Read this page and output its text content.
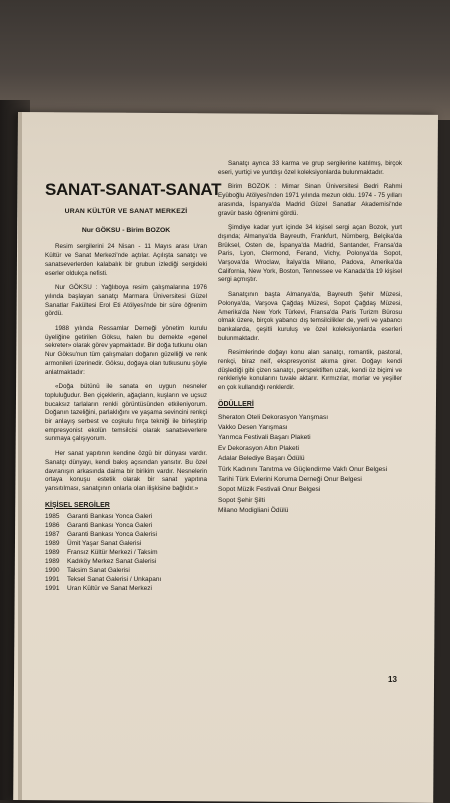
SANAT-SANAT-SANAT
URAN KÜLTÜR VE SANAT MERKEZİ
Nur GÖKSU - Birim BOZOK

Resim sergilerini 24 Nisan - 11 Mayıs arası Uran Kültür ve Sanat Merkezi'nde açtılar. Açılışta sanatçı ve sanatseverlerden kalabalık bir grubun izlediği sergideki eserler oldukça nefisti.

Nur GÖKSU : Yağlıboya resim çalışmalarına 1976 yılında başlayan sanatçı Marmara Üniversitesi Güzel Sanatlar Fakültesi Erol Eti Atölyesi'nde bir süre öğrenim gördü.

1988 yılında Ressamlar Derneği yönetim kurulu üyeliğine getirilen Göksu, halen bu dernekte «genel sekreter» olarak görev yapmaktadır. Bir doğa tutkunu olan Nur Göksu'nun tüm çalışmaları doğanın güzelliği ve renk armonileri üzerinedir. Göksu, doğaya olan tutkusunu şöyle anlatmaktadır:

«Doğa bütünü ile sanata en uygun nesneler topluluğudur. Ben çiçeklerin, ağaçların, kuşların ve uçsuz bucaksız tarlaların renkli görüntüsünden etkileniyorum. Doğanın tazeliğini, parlaklığını ve yaşama sevincini renkçi bir anlayış serbest ve coşkulu fırça tekniği ile birleştirip empresyonist ekolün temsilcisi olarak sanatseverlere sunmaya çalışıyorum.

Her sanat yapıtının kendine özgü bir dünyası vardır. Sanatçı dünyayı, kendi bakış açısından yansıtır. Bu özel davranışın arkasında daima bir birikim vardır. Nesnelerin ortaya konuşu estetik olarak bir sanat yapıtına yansıtılması, sanatçının onlarla olan ilişkisine bağlıdır.»

KİŞİSEL SERGİLER
1985	Garanti Bankası Yonca Galeri
1986	Garanti Bankası Yonca Galeri
1987	Garanti Bankası Yonca Galerisi
1989	Ümit Yaşar Sanat Galerisi
1989	Fransız Kültür Merkezi / Taksim
1989	Kadıköy Merkez Sanat Galerisi
1990	Taksim Sanat Galerisi
1991	Teksel Sanat Galerisi / Unkapanı
1991	Uran Kültür ve Sanat Merkezi

Sanatçı ayrıca 33 karma ve grup sergilerine katılmış, birçok eseri, yurtiçi ve yurtdışı özel koleksiyonlarda bulunmaktadır.

Birim BOZOK : Mimar Sinan Üniversitesi Bedri Rahmi Eyüboğlu Atölyesi'nden 1971 yılında mezun oldu. 1974 - 75 yılları arasında, İspanya'da Madrid Güzel Sanatlar Akademisi'nde gravür baskı öğrenimi gördü.

Şimdiye kadar yurt içinde 34 kişisel sergi açan Bozok, yurt dışında; Almanya'da Bayreuth, Frankfurt, Nürnberg, Belçika'da Brüksel, Osten de, İspanya'da Madrid, Santander, Fransa'da Paris, Lyon, Clermond, Ferand, Vichy, Polonya'da Sopot, Varşova'da Wroclaw, İtalya'da Milano, Padova, Amerika'da California, New York, Boston, Tennessee ve Kanada'da 19 kişisel sergi açmıştır.

Sanatçının başta Almanya'da, Bayreuth Şehir Müzesi, Polonya'da, Varşova Çağdaş Müzesi, Sopot Çağdaş Müzesi, Amerika'da New York Türkevi, Fransa'da Paris Turizm Bürosu olmak üzere, birçok yabancı dış temsilcilikler de, yerli ve yabancı bankalarda, çeşitli kuruluş ve özel koleksiyonlarda eserleri bulunmaktadır.

Resimlerinde doğayı konu alan sanatçı, romantik, pastoral, renkçi, biraz neif, ekspresyonist akıma girer. Doğayı kendi düşlediği gibi çizen sanatçı, perspektiften uzak, kendi öz biçimi ve renkleriyle konularını tuvale aktarır. Kırmızılar, morlar ve yeşiller en çok kullandığı renklerdir.

ÖDÜLLERİ
Sheraton Oteli Dekorasyon Yarışması
Vakko Desen Yarışması
Yarımca Festivali Başarı Plaketi
Ev Dekorasyon Altın Plaketi
Adalar Belediye Başarı Ödülü
Türk Kadınını Tanıtma ve Güçlendirme Vakfı Onur Belgesi
Tarihi Türk Evlerini Koruma Derneği Onur Belgesi
Sopot Müzik Festivali Onur Belgesi
Sopot Şehir Şilti
Milano Modigliani Ödülü
13
